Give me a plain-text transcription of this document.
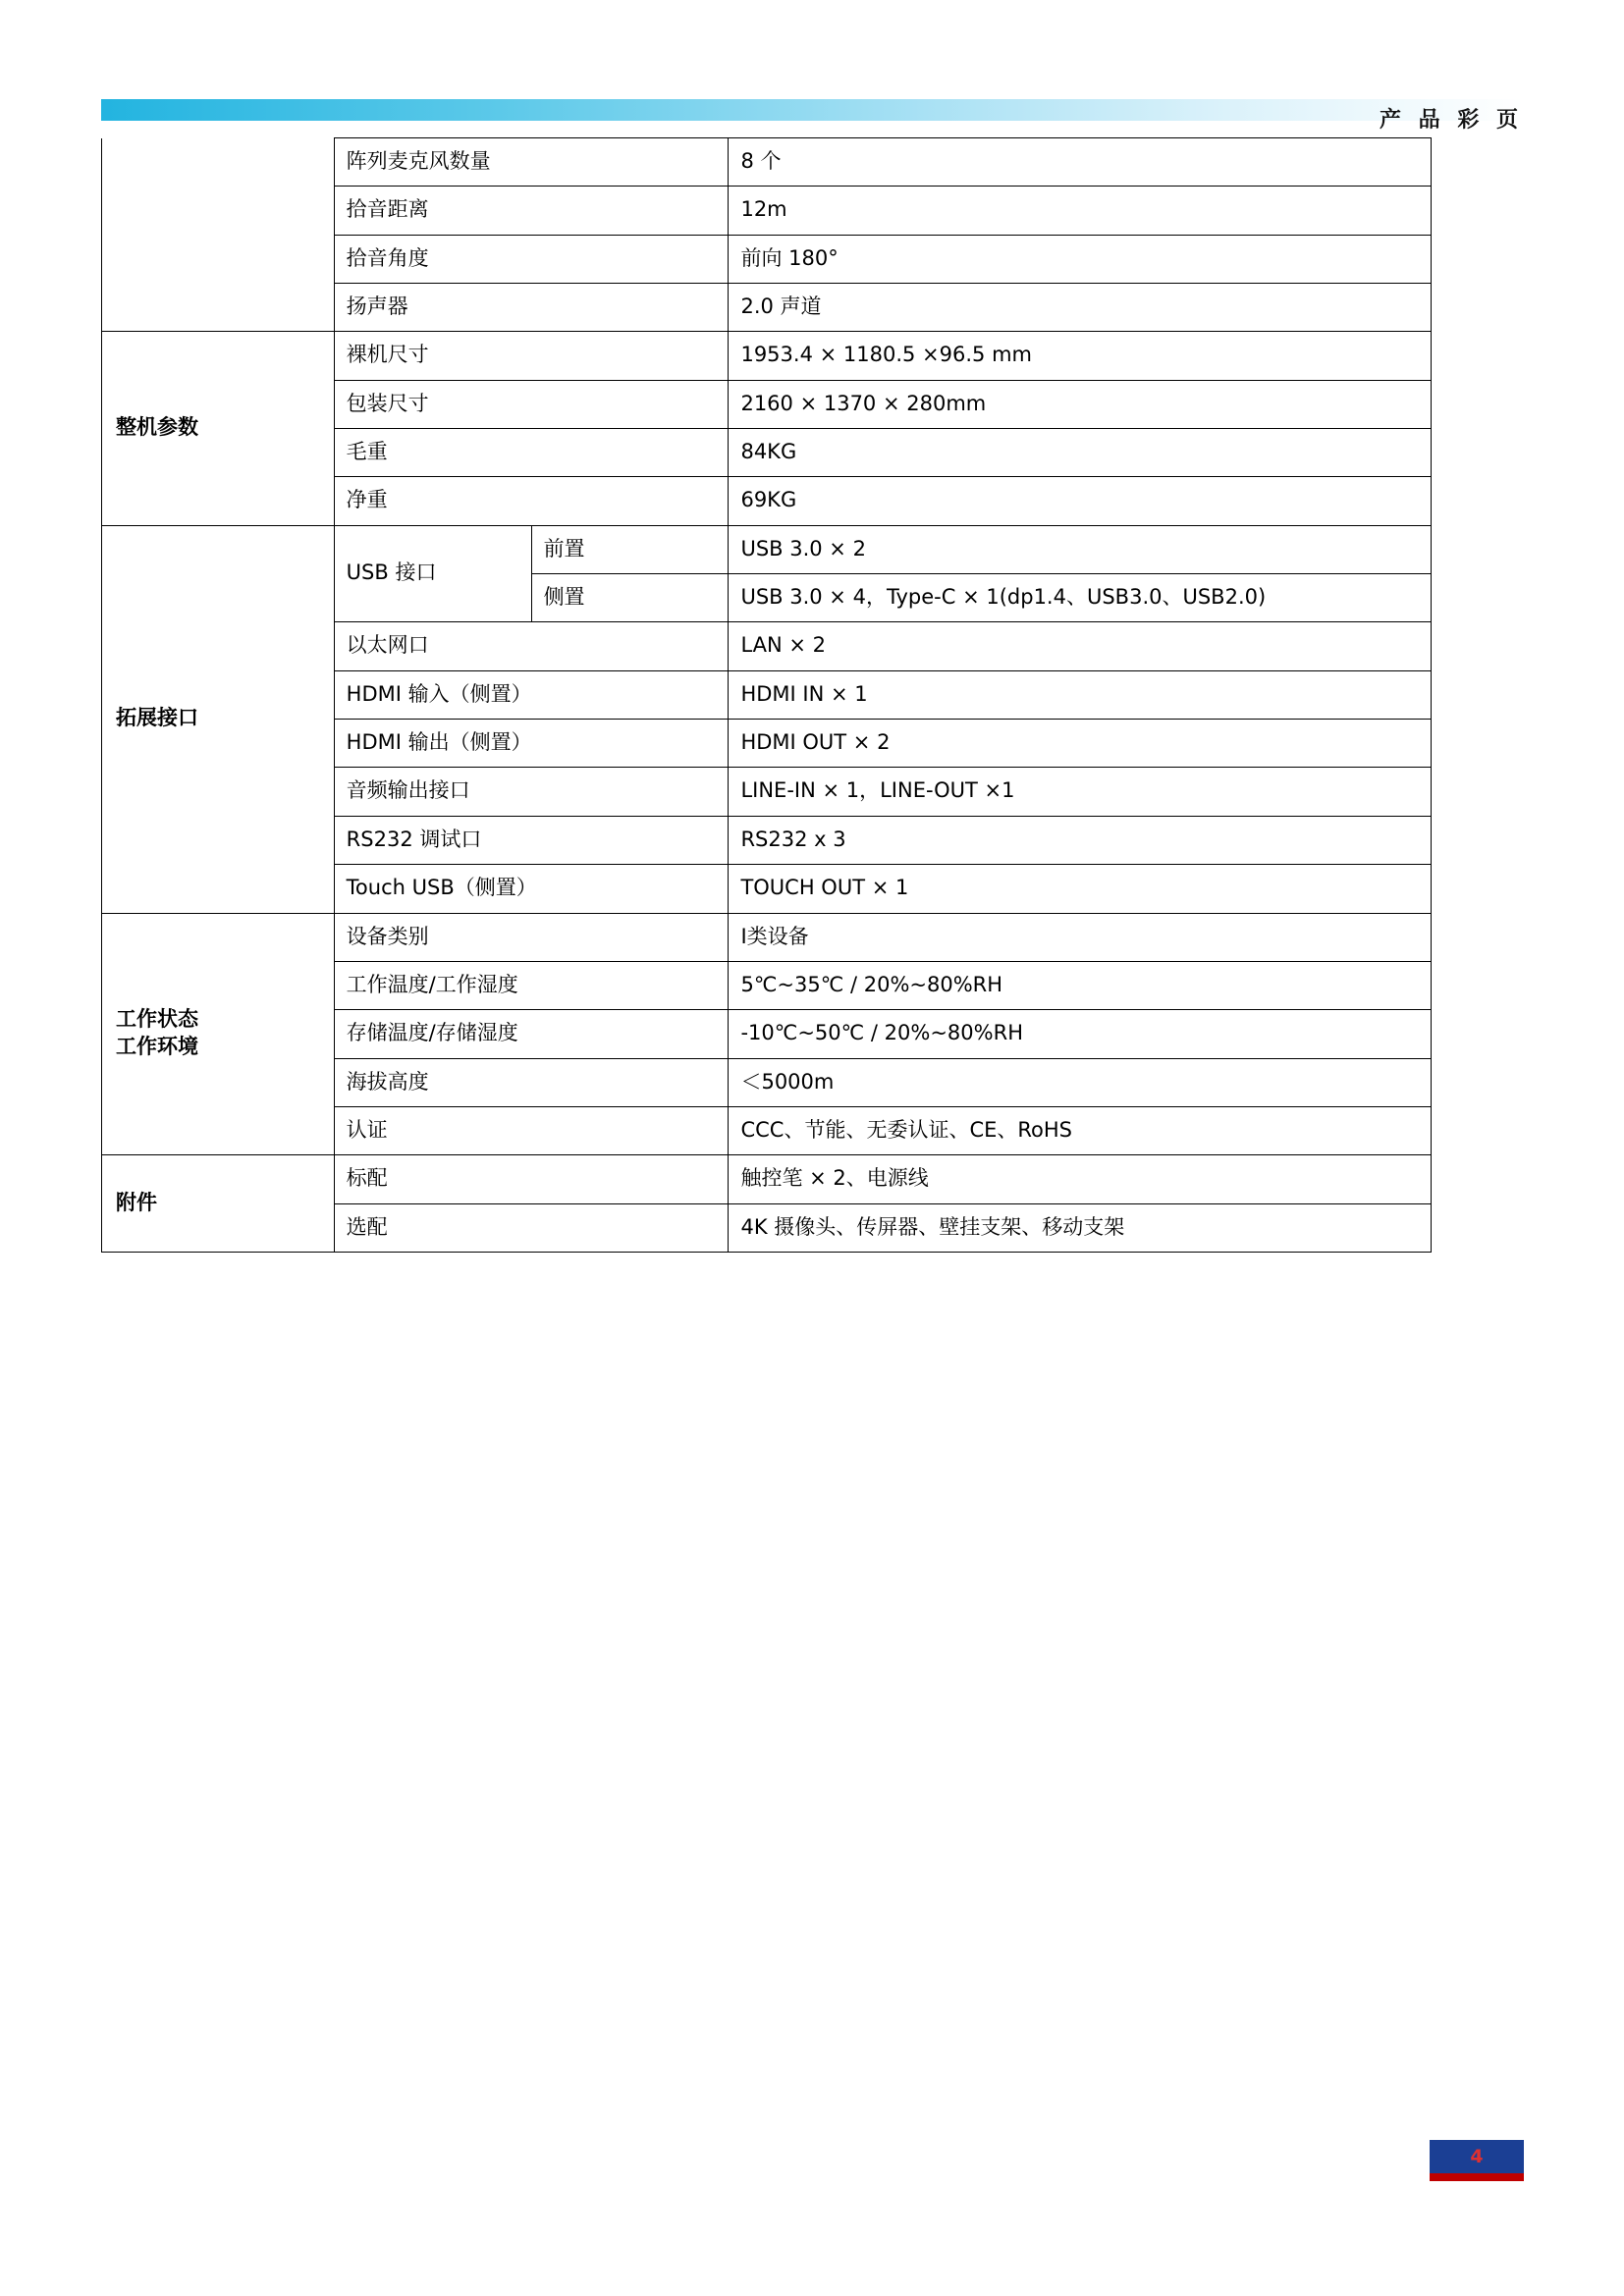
产 品 彩 页
	阵列麦克风数量		8 个
	拾音距离		12m
	拾音角度		前向 180°
	扬声器		2.0 声道
整机参数	裸机尺寸		1953.4 × 1180.5 ×96.5 mm
	包装尺寸		2160 × 1370 × 280mm
	毛重		84KG
	净重		69KG
拓展接口	USB 接口	前置	USB 3.0 × 2
		侧置	USB 3.0 × 4，Type-C × 1(dp1.4、USB3.0、USB2.0)
	以太网口		LAN × 2
	HDMI 输入（侧置）		HDMI IN × 1
	HDMI 输出（侧置）		HDMI OUT × 2
	音频输出接口		LINE-IN × 1，LINE-OUT ×1
	RS232 调试口		RS232 x 3
	Touch USB（侧置）		TOUCH OUT × 1

工作状态
工作环境	设备类别		Ⅰ类设备
	工作温度/工作湿度		5℃~35℃ / 20%~80%RH
	存储温度/存储湿度		-10℃~50℃ / 20%~80%RH
	海拔高度		＜5000m
	认证		CCC、节能、无委认证、CE、RoHS
附件	标配		触控笔 × 2、电源线
	选配		4K 摄像头、传屏器、壁挂支架、移动支架
4
